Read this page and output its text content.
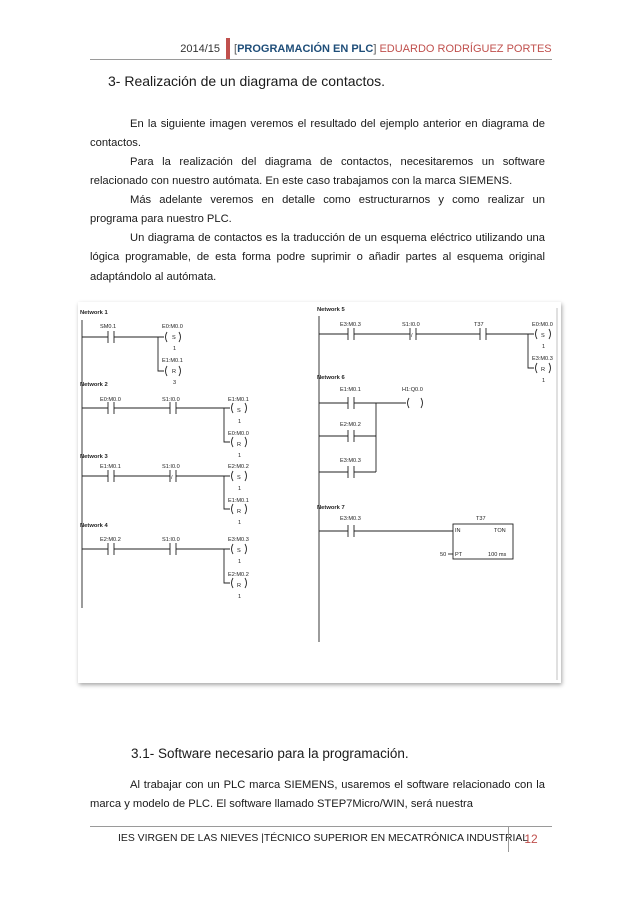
2014/15	[PROGRAMACIÓN EN PLC] EDUARDO RODRÍGUEZ PORTES
3- Realización de un diagrama de contactos.

En la siguiente imagen veremos el resultado del ejemplo anterior en diagrama de contactos.

Para la realización del diagrama de contactos, necesitaremos un software relacionado con nuestro autómata. En este caso trabajamos con la marca SIEMENS.

Más adelante veremos en detalle como estructurarnos y como realizar un programa para nuestro PLC.

Un diagrama de contactos es la traducción de un esquema eléctrico utilizando una lógica programable, de esta forma podre suprimir o añadir partes al esquema original adaptándolo al autómata.

Network 1
SM0.1	E0:M0.0
S
1
E1:M0.1
R
3
Network 2
E0:M0.0	S1:I0.0	E1:M0.1
S
1
E0:M0.0
R
1
Network 3
E1:M0.1	S1:I0.0
/
E2:M0.2
S
1
E1:M0.1
R
1
Network 4
E2:M0.2	S1:I0.0	E3:M0.3
S
1
E2:M0.2
R
1
Network 5
E3:M0.3	S1:I0.0
/
T37	E0:M0.0
S
1
E3:M0.3
R
1
Network 6
E1:M0.1	H1:Q0.0
E2:M0.2
E3:M0.3
Network 7
E3:M0.3	T37
IN	TON
50 PT	100 ms
3.1- Software necesario para la programación.

Al trabajar con un PLC marca SIEMENS, usaremos el software relacionado con la marca y modelo de PLC. El software llamado STEP7Micro/WIN, será nuestra

IES VIRGEN DE LAS NIEVES |TÉCNICO SUPERIOR EN MECATRÓNICA INDUSTRIAL
12
